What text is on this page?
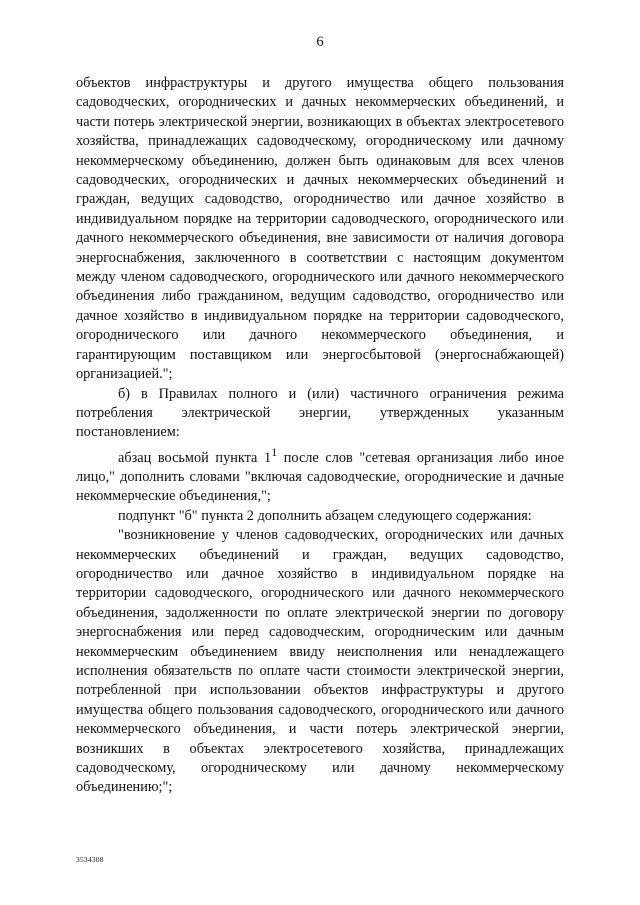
6

объектов инфраструктуры и другого имущества общего пользования садоводческих, огороднических и дачных некоммерческих объединений, и части потерь электрической энергии, возникающих в объектах электросетевого хозяйства, принадлежащих садоводческому, огородническому или дачному некоммерческому объединению, должен быть одинаковым для всех членов садоводческих, огороднических и дачных некоммерческих объединений и граждан, ведущих садоводство, огородничество или дачное хозяйство в индивидуальном порядке на территории садоводческого, огороднического или дачного некоммерческого объединения, вне зависимости от наличия договора энергоснабжения, заключенного в соответствии с настоящим документом между членом садоводческого, огороднического или дачного некоммерческого объединения либо гражданином, ведущим садоводство, огородничество или дачное хозяйство в индивидуальном порядке на территории садоводческого, огороднического или дачного некоммерческого объединения, и гарантирующим поставщиком или энергосбытовой (энергоснабжающей) организацией.";

б) в Правилах полного и (или) частичного ограничения режима потребления электрической энергии, утвержденных указанным постановлением:

абзац восьмой пункта $1^1$ после слов "сетевая организация либо иное лицо," дополнить словами "включая садоводческие, огороднические и дачные некоммерческие объединения,";

подпункт "б" пункта 2 дополнить абзацем следующего содержания:

"возникновение у членов садоводческих, огороднических или дачных некоммерческих объединений и граждан, ведущих садоводство, огородничество или дачное хозяйство в индивидуальном порядке на территории садоводческого, огороднического или дачного некоммерческого объединения, задолженности по оплате электрической энергии по договору энергоснабжения или перед садоводческим, огородническим или дачным некоммерческим объединением ввиду неисполнения или ненадлежащего исполнения обязательств по оплате части стоимости электрической энергии, потребленной при использовании объектов инфраструктуры и другого имущества общего пользования садоводческого, огороднического или дачного некоммерческого объединения, и части потерь электрической энергии, возникших в объектах электросетевого хозяйства, принадлежащих садоводческому, огородническому или дачному некоммерческому объединению;";

3534308
